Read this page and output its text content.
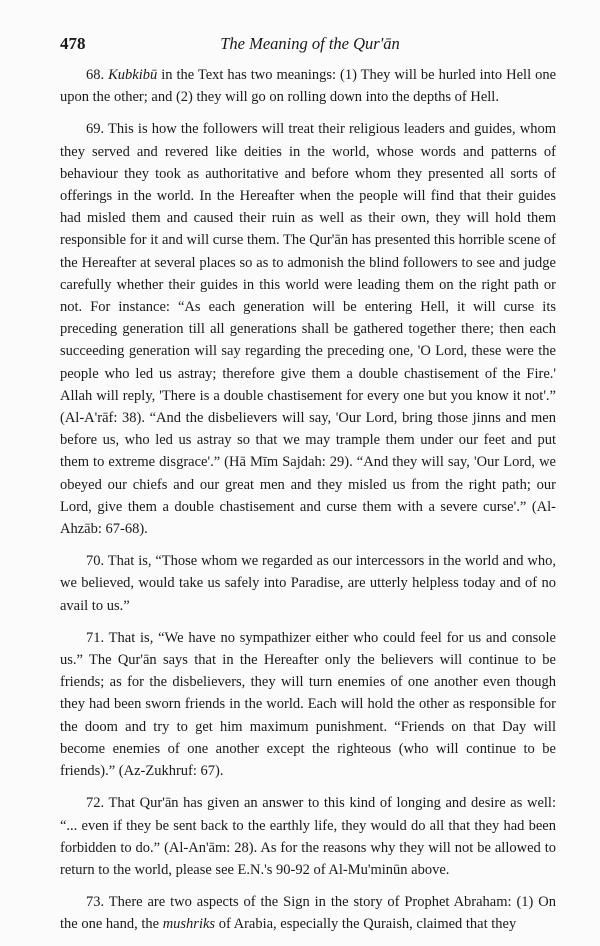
478	The Meaning of the Qur'ān

68. Kubkibū in the Text has two meanings: (1) They will be hurled into Hell one upon the other; and (2) they will go on rolling down into the depths of Hell.

69. This is how the followers will treat their religious leaders and guides, whom they served and revered like deities in the world, whose words and patterns of behaviour they took as authoritative and before whom they presented all sorts of offerings in the world. In the Hereafter when the people will find that their guides had misled them and caused their ruin as well as their own, they will hold them responsible for it and will curse them. The Qur'ān has presented this horrible scene of the Hereafter at several places so as to admonish the blind followers to see and judge carefully whether their guides in this world were leading them on the right path or not. For instance: “As each generation will be entering Hell, it will curse its preceding generation till all generations shall be gathered together there; then each succeeding generation will say regarding the preceding one, 'O Lord, these were the people who led us astray; therefore give them a double chastisement of the Fire.' Allah will reply, 'There is a double chastisement for every one but you know it not'.” (Al-A'rāf: 38). “And the disbelievers will say, 'Our Lord, bring those jinns and men before us, who led us astray so that we may trample them under our feet and put them to extreme disgrace'.” (Hā Mīm Sajdah: 29). “And they will say, 'Our Lord, we obeyed our chiefs and our great men and they misled us from the right path; our Lord, give them a double chastisement and curse them with a severe curse'.” (Al-Ahzāb: 67-68).

70. That is, “Those whom we regarded as our intercessors in the world and who, we believed, would take us safely into Paradise, are utterly helpless today and of no avail to us.”

71. That is, “We have no sympathizer either who could feel for us and console us.” The Qur'ān says that in the Hereafter only the believers will continue to be friends; as for the disbelievers, they will turn enemies of one another even though they had been sworn friends in the world. Each will hold the other as responsible for the doom and try to get him maximum punishment. “Friends on that Day will become enemies of one another except the righteous (who will continue to be friends).” (Az-Zukhruf: 67).

72. That Qur'ān has given an answer to this kind of longing and desire as well: “... even if they be sent back to the earthly life, they would do all that they had been forbidden to do.” (Al-An'ām: 28). As for the reasons why they will not be allowed to return to the world, please see E.N.'s 90-92 of Al-Mu'minūn above.

73. There are two aspects of the Sign in the story of Prophet Abraham: (1) On the one hand, the mushriks of Arabia, especially the Quraish, claimed that they
